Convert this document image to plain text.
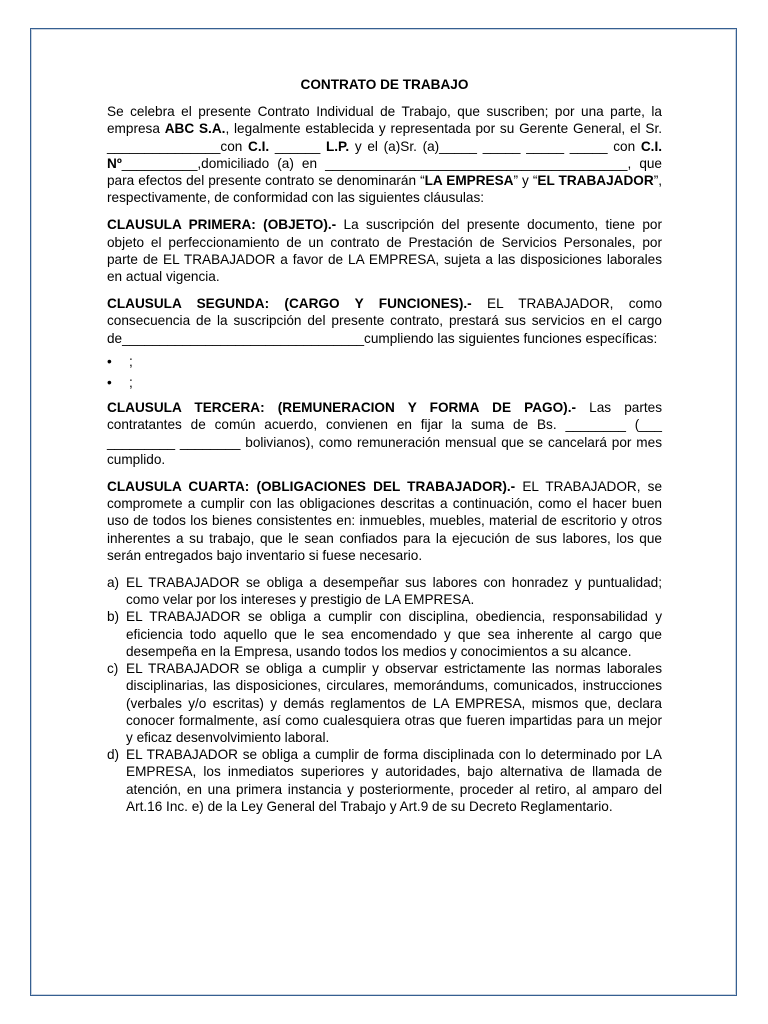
CONTRATO DE TRABAJO

Se celebra el presente Contrato Individual de Trabajo, que suscriben; por una parte, la empresa ABC S.A., legalmente establecida y representada por su Gerente General, el Sr. _______________con C.I. ______ L.P. y el (a)Sr. (a)_____ _____ _____ _____ con C.I. Nº__________,domiciliado (a) en ________________________________________, que para efectos del presente contrato se denominarán “LA EMPRESA” y “EL TRABAJADOR”, respectivamente, de conformidad con las siguientes cláusulas:

CLAUSULA PRIMERA: (OBJETO).- La suscripción del presente documento, tiene por objeto el perfeccionamiento de un contrato de Prestación de Servicios Personales, por parte de EL TRABAJADOR a favor de LA EMPRESA, sujeta a las disposiciones laborales en actual vigencia.

CLAUSULA SEGUNDA: (CARGO Y FUNCIONES).- EL TRABAJADOR, como consecuencia de la suscripción del presente contrato, prestará sus servicios en el cargo de________________________________cumpliendo las siguientes funciones específicas:

• ;
• ;

CLAUSULA TERCERA: (REMUNERACION Y FORMA DE PAGO).- Las partes contratantes de común acuerdo, convienen en fijar la suma de Bs. ________ (___ _________ ________ bolivianos), como remuneración mensual que se cancelará por mes cumplido.

CLAUSULA CUARTA: (OBLIGACIONES DEL TRABAJADOR).- EL TRABAJADOR, se compromete a cumplir con las obligaciones descritas a continuación, como el hacer buen uso de todos los bienes consistentes en: inmuebles, muebles, material de escritorio y otros inherentes a su trabajo, que le sean confiados para la ejecución de sus labores, los que serán entregados bajo inventario si fuese necesario.

a) EL TRABAJADOR se obliga a desempeñar sus labores con honradez y puntualidad; como velar por los intereses y prestigio de LA EMPRESA.
b) EL TRABAJADOR se obliga a cumplir con disciplina, obediencia, responsabilidad y eficiencia todo aquello que le sea encomendado y que sea inherente al cargo que desempeña en la Empresa, usando todos los medios y conocimientos a su alcance.
c) EL TRABAJADOR se obliga a cumplir y observar estrictamente las normas laborales disciplinarias, las disposiciones, circulares, memorándums, comunicados, instrucciones (verbales y/o escritas) y demás reglamentos de LA EMPRESA, mismos que, declara conocer formalmente, así como cualesquiera otras que fueren impartidas para un mejor y eficaz desenvolvimiento laboral.
d) EL TRABAJADOR se obliga a cumplir de forma disciplinada con lo determinado por LA EMPRESA, los inmediatos superiores y autoridades, bajo alternativa de llamada de atención, en una primera instancia y posteriormente, proceder al retiro, al amparo del Art.16 Inc. e) de la Ley General del Trabajo y Art.9 de su Decreto Reglamentario.
